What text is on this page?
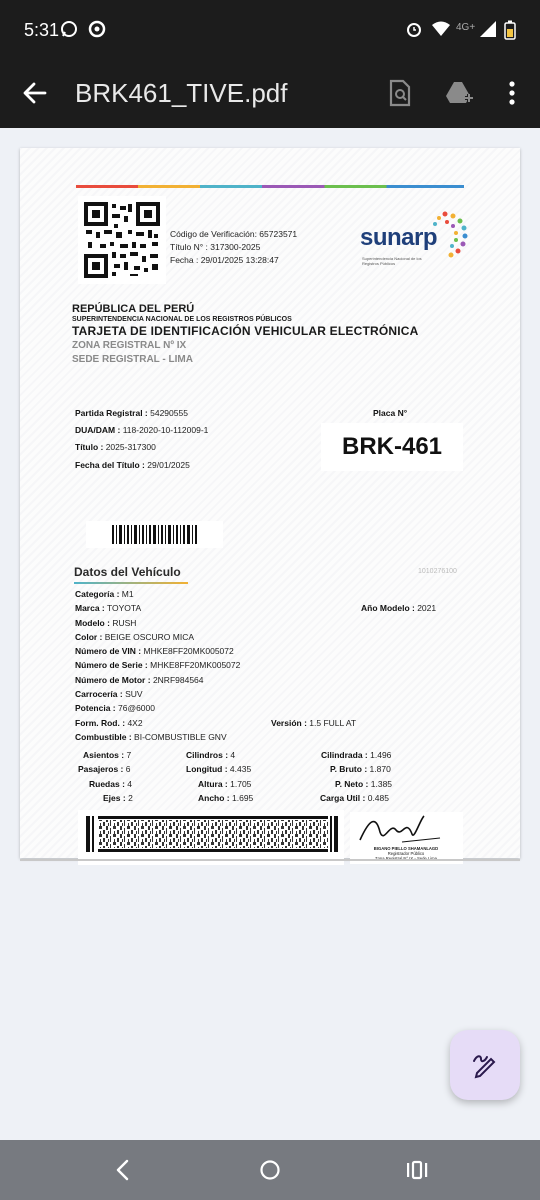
5:31	4G+
BRK461_TIVE.pdf
Código de Verificación: 65723571
Título N° : 317300-2025
Fecha : 29/01/2025 13:28:47
sunarp
Superintendencia Nacional de los Registros Públicos
REPÚBLICA DEL PERÚ
SUPERINTENDENCIA NACIONAL DE LOS REGISTROS PÚBLICOS
TARJETA DE IDENTIFICACIÓN VEHICULAR ELECTRÓNICA
ZONA REGISTRAL Nº IX
SEDE REGISTRAL - LIMA
Partida Registral : 54290555
DUA/DAM : 118-2020-10-112009-1
Título : 2025-317300
Fecha del Título : 29/01/2025
Placa N°
BRK-461
Datos del Vehículo	1010276100
Categoría : M1
Marca : TOYOTA	Año Modelo : 2021
Modelo : RUSH
Color : BEIGE OSCURO MICA
Número de VIN : MHKE8FF20MK005072
Número de Serie : MHKE8FF20MK005072
Número de Motor : 2NRF984564
Carrocería : SUV
Potencia : 76@6000
Form. Rod. : 4X2	Versión : 1.5 FULL AT
Combustible : BI-COMBUSTIBLE GNV
Asientos : 7	Cilindros : 4	Cilindrada : 1.496
Pasajeros : 6	Longitud : 4.435	P. Bruto : 1.870
Ruedas : 4	Altura : 1.705	P. Neto : 1.385
Ejes : 2	Ancho : 1.695	Carga Util : 0.485
BIGANO PIELLO SHAMANLAGD
Registrador Público
